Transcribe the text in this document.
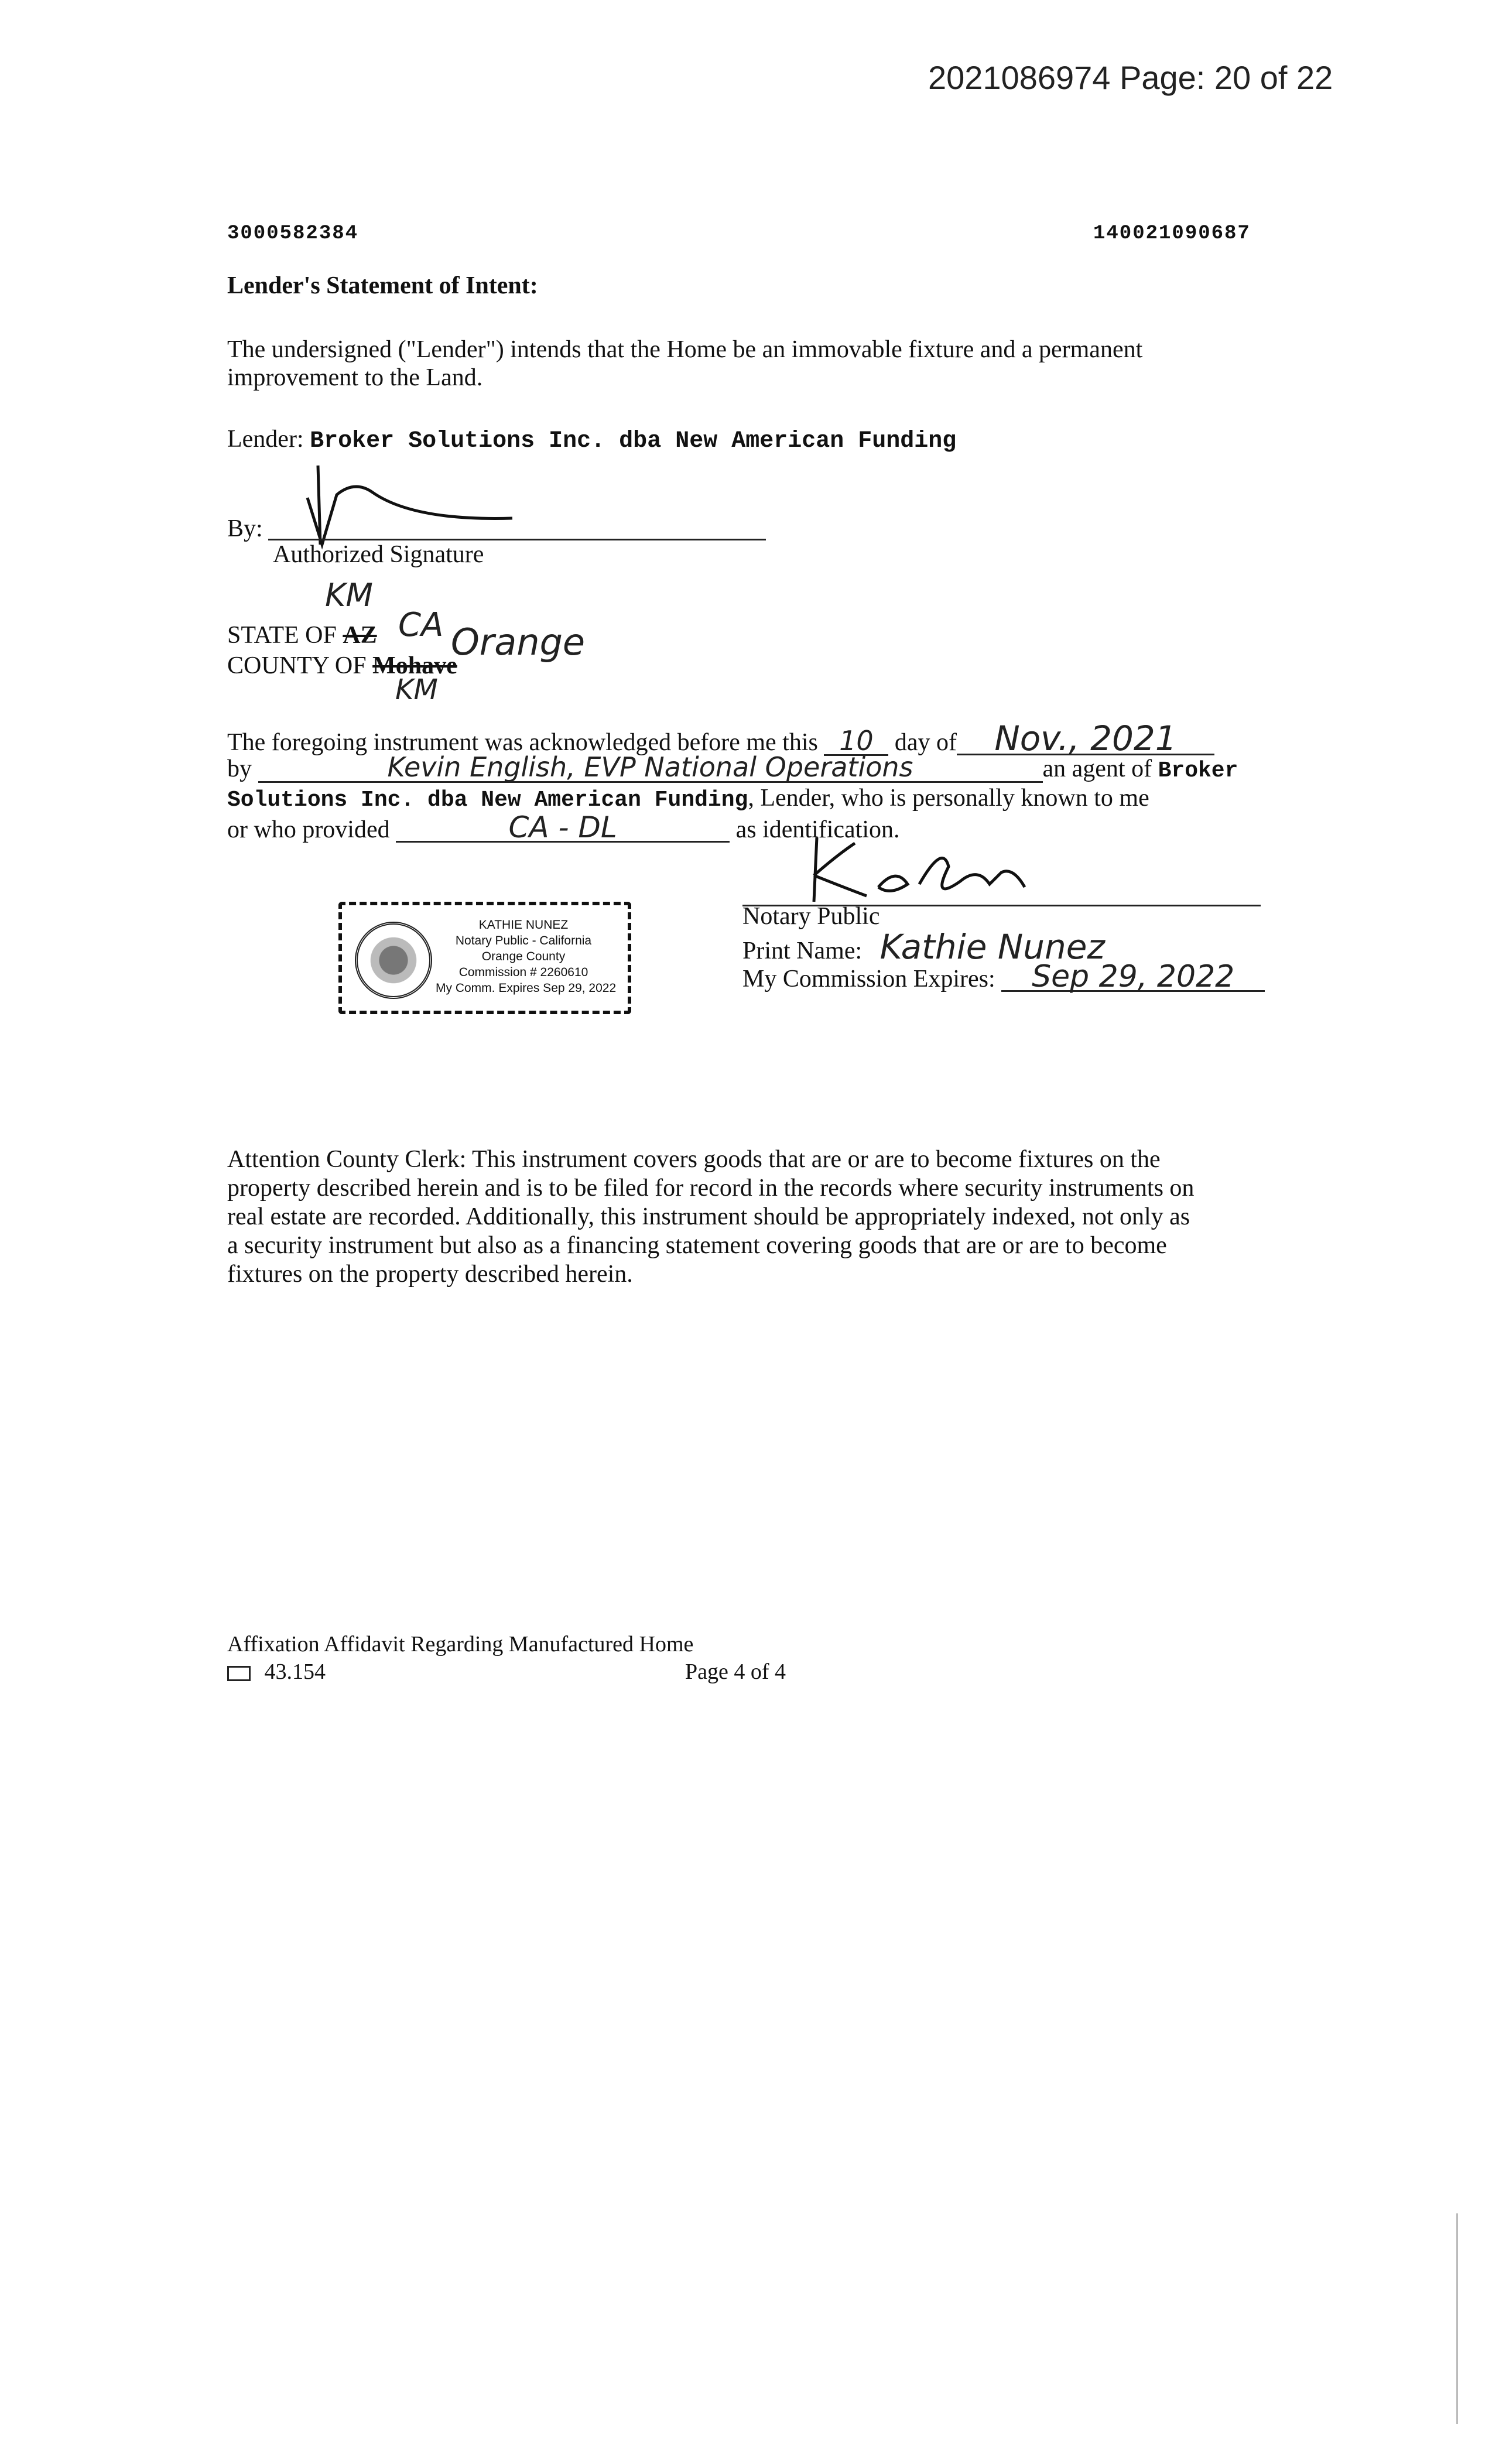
2021086974 Page: 20 of 22
3000582384	140021090687
Lender's Statement of Intent:
The undersigned ("Lender") intends that the Home be an immovable fixture and a permanent
improvement to the Land.
Lender: Broker Solutions Inc. dba New American Funding
By:
Authorized Signature
KM
STATE OF AZ CA
COUNTY OF Mohave
Orange
KM
The foregoing instrument was acknowledged before me this 10 day of Nov., 2021
by	Kevin English, EVP National Operations	an agent of Broker
Solutions Inc. dba New American Funding, Lender, who is personally known to me
or who provided	CA - DL	as identification.
Notary Public
Print Name: Kathie Nunez
My Commission Expires: Sep 29, 2022
KATHIE NUNEZ
Notary Public - California
Orange County
Commission # 2260610
My Comm. Expires Sep 29, 2022
Attention County Clerk: This instrument covers goods that are or are to become fixtures on the
property described herein and is to be filed for record in the records where security instruments on
real estate are recorded. Additionally, this instrument should be appropriately indexed, not only as
a security instrument but also as a financing statement covering goods that are or are to become
fixtures on the property described herein.
Affixation Affidavit Regarding Manufactured Home
43.154	Page 4 of 4
